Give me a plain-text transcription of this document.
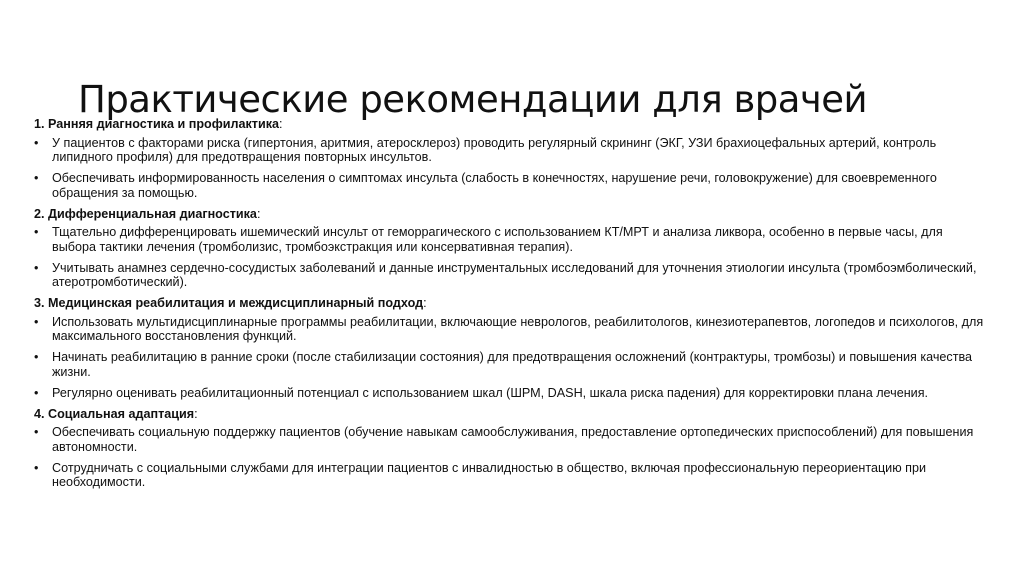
Практические рекомендации для врачей
1. Ранняя диагностика и профилактика:
• У пациентов с факторами риска (гипертония, аритмия, атеросклероз) проводить регулярный скрининг (ЭКГ, УЗИ брахиоцефальных артерий, контроль липидного профиля) для предотвращения повторных инсультов.
• Обеспечивать информированность населения о симптомах инсульта (слабость в конечностях, нарушение речи, головокружение) для своевременного обращения за помощью.
2. Дифференциальная диагностика:
• Тщательно дифференцировать ишемический инсульт от геморрагического с использованием КТ/МРТ и анализа ликвора, особенно в первые часы, для выбора тактики лечения (тромболизис, тромбоэкстракция или консервативная терапия).
• Учитывать анамнез сердечно-сосудистых заболеваний и данные инструментальных исследований для уточнения этиологии инсульта (тромбоэмболический, атеротромботический).
3. Медицинская реабилитация и междисциплинарный подход:
• Использовать мультидисциплинарные программы реабилитации, включающие неврологов, реабилитологов, кинезиотерапевтов, логопедов и психологов, для максимального восстановления функций.
• Начинать реабилитацию в ранние сроки (после стабилизации состояния) для предотвращения осложнений (контрактуры, тромбозы) и повышения качества жизни.
• Регулярно оценивать реабилитационный потенциал с использованием шкал (ШРМ, DASH, шкала риска падения) для корректировки плана лечения.
4. Социальная адаптация:
• Обеспечивать социальную поддержку пациентов (обучение навыкам самообслуживания, предоставление ортопедических приспособлений) для повышения автономности.
• Сотрудничать с социальными службами для интеграции пациентов с инвалидностью в общество, включая профессиональную переориентацию при необходимости.
